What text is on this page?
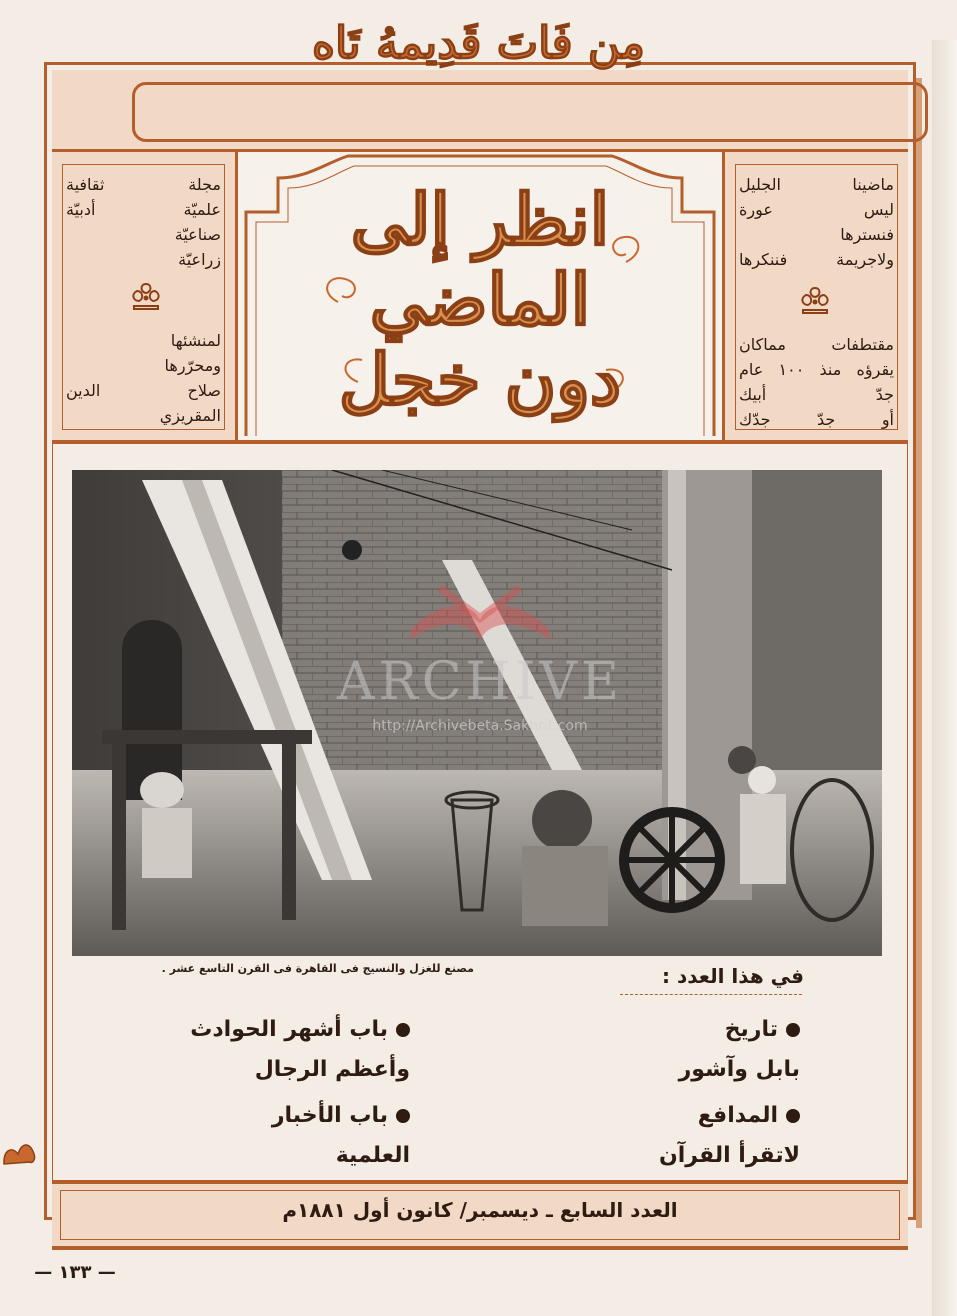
مِن فَاتَ قَدِيمهُ تَاه
مجلة ثقافية
علميّة أدبيّة
صناعيّة
زراعيّة
لمنشئها
ومحرّرها
صلاح الدين
المقريزي
انظر إلى
الماضي
دون خجل
ماضينا الجليل
ليس عورة
فنسترها
ولاجريمة فننكرها
مقتطفات مماكان
يقرؤه منذ ١٠٠ عام
جدّ أبيك
أو جدّ جدّك
مصنع للغزل والنسيج فى القاهرة فى القرن التاسع عشر .
ARCHIVE
http://Archivebeta.Sakhrit.com
في هذا العدد :
تاريخ
بابل وآشور
باب أشهر الحوادث
وأعظم الرجال
المدافع
لاتقرأ القرآن
باب الأخبار
العلمية
العدد السابع ـ ديسمبر/ كانون أول ١٨٨١م
— ١٣٣ —
